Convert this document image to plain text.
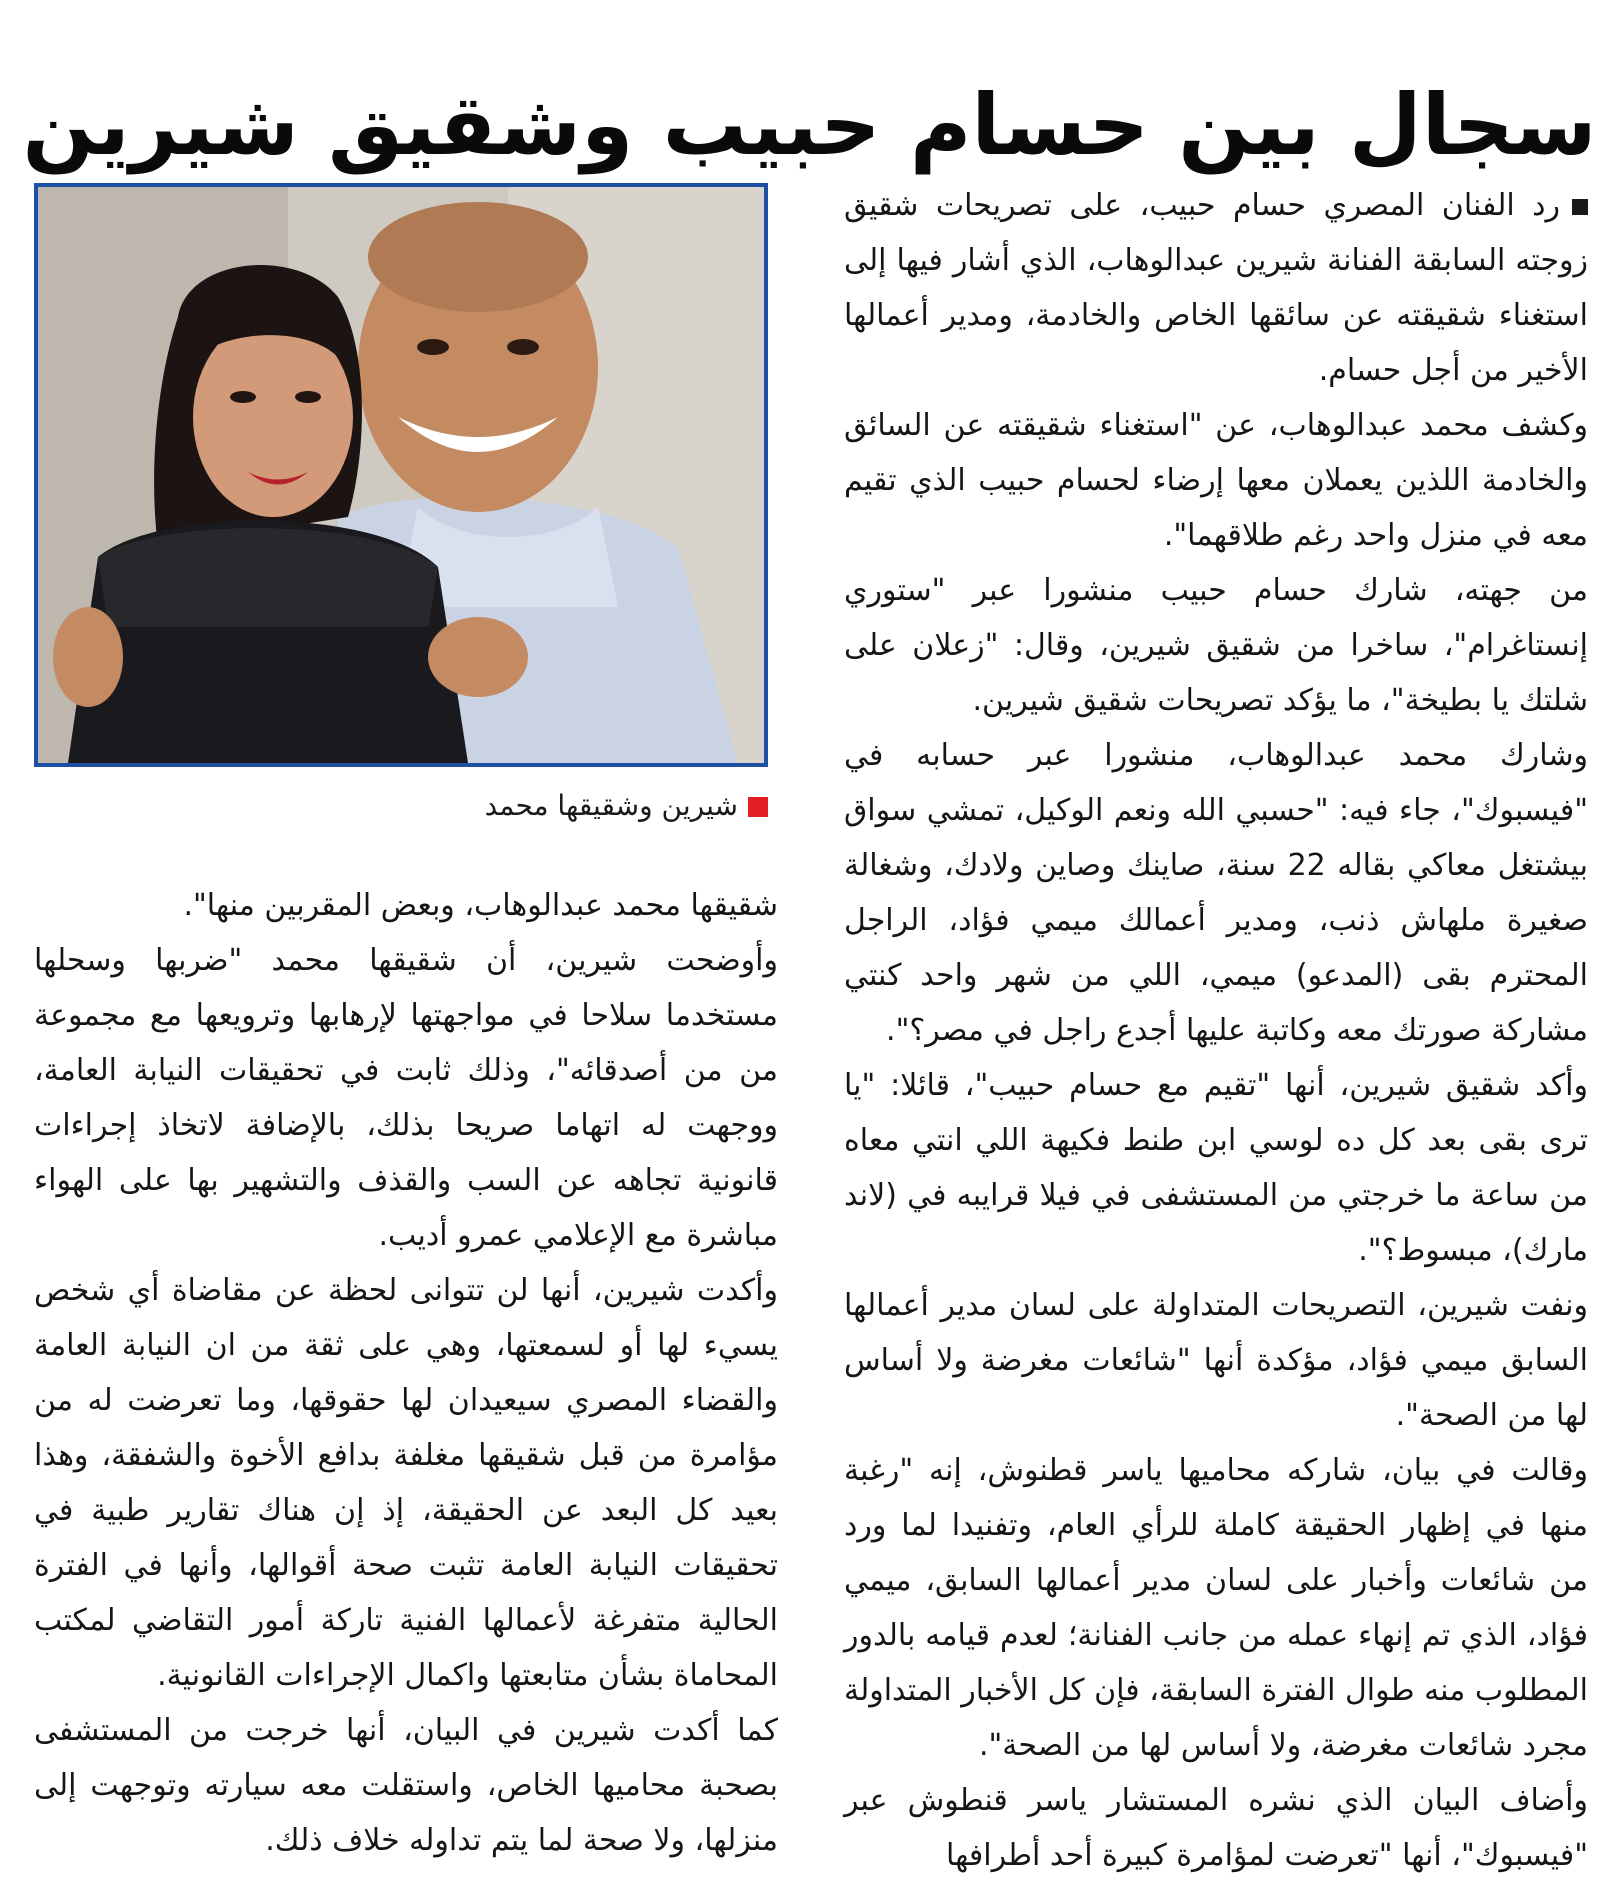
سجال بين حسام حبيب وشقيق شيرين

رد الفنان المصري حسام حبيب، على تصريحات شقيق زوجته السابقة الفنانة شيرين عبدالوهاب، الذي أشار فيها إلى استغناء شقيقته عن سائقها الخاص والخادمة، ومدير أعمالها الأخير من أجل حسام.

وكشف محمد عبدالوهاب، عن "استغناء شقيقته عن السائق والخادمة اللذين يعملان معها إرضاء لحسام حبيب الذي تقيم معه في منزل واحد رغم طلاقهما".

من جهته، شارك حسام حبيب منشورا عبر "ستوري إنستاغرام"، ساخرا من شقيق شيرين، وقال: "زعلان على شلتك يا بطيخة"، ما يؤكد تصريحات شقيق شيرين.

وشارك محمد عبدالوهاب، منشورا عبر حسابه في "فيسبوك"، جاء فيه: "حسبي الله ونعم الوكيل، تمشي سواق بيشتغل معاكي بقاله 22 سنة، صاينك وصاين ولادك، وشغالة صغيرة ملهاش ذنب، ومدير أعمالك ميمي فؤاد، الراجل المحترم بقى (المدعو) ميمي، اللي من شهر واحد كنتي مشاركة صورتك معه وكاتبة عليها أجدع راجل في مصر؟".

وأكد شقيق شيرين، أنها "تقيم مع حسام حبيب"، قائلا: "يا ترى بقى بعد كل ده لوسي ابن طنط فكيهة اللي انتي معاه من ساعة ما خرجتي من المستشفى في فيلا قرايبه في (لاند مارك)، مبسوط؟".

ونفت شيرين، التصريحات المتداولة على لسان مدير أعمالها السابق ميمي فؤاد، مؤكدة أنها "شائعات مغرضة ولا أساس لها من الصحة".

وقالت في بيان، شاركه محاميها ياسر قطنوش، إنه "رغبة منها في إظهار الحقيقة كاملة للرأي العام، وتفنيدا لما ورد من شائعات وأخبار على لسان مدير أعمالها السابق، ميمي فؤاد، الذي تم إنهاء عمله من جانب الفنانة؛ لعدم قيامه بالدور المطلوب منه طوال الفترة السابقة، فإن كل الأخبار المتداولة مجرد شائعات مغرضة، ولا أساس لها من الصحة".

وأضاف البيان الذي نشره المستشار ياسر قنطوش عبر "فيسبوك"، أنها "تعرضت لمؤامرة كبيرة أحد أطرافها

شيرين وشقيقها محمد

شقيقها محمد عبدالوهاب، وبعض المقربين منها".

وأوضحت شيرين، أن شقيقها محمد "ضربها وسحلها مستخدما سلاحا في مواجهتها لإرهابها وترويعها مع مجموعة من من أصدقائه"، وذلك ثابت في تحقيقات النيابة العامة، ووجهت له اتهاما صريحا بذلك، بالإضافة لاتخاذ إجراءات قانونية تجاهه عن السب والقذف والتشهير بها على الهواء مباشرة مع الإعلامي عمرو أديب.

وأكدت شيرين، أنها لن تتوانى لحظة عن مقاضاة أي شخص يسيء لها أو لسمعتها، وهي على ثقة من ان النيابة العامة والقضاء المصري سيعيدان لها حقوقها، وما تعرضت له من مؤامرة من قبل شقيقها مغلفة بدافع الأخوة والشفقة، وهذا بعيد كل البعد عن الحقيقة، إذ إن هناك تقارير طبية في تحقيقات النيابة العامة تثبت صحة أقوالها، وأنها في الفترة الحالية متفرغة لأعمالها الفنية تاركة أمور التقاضي لمكتب المحاماة بشأن متابعتها واكمال الإجراءات القانونية.

كما أكدت شيرين في البيان، أنها خرجت من المستشفى بصحبة محاميها الخاص، واستقلت معه سيارته وتوجهت إلى منزلها، ولا صحة لما يتم تداوله خلاف ذلك.
